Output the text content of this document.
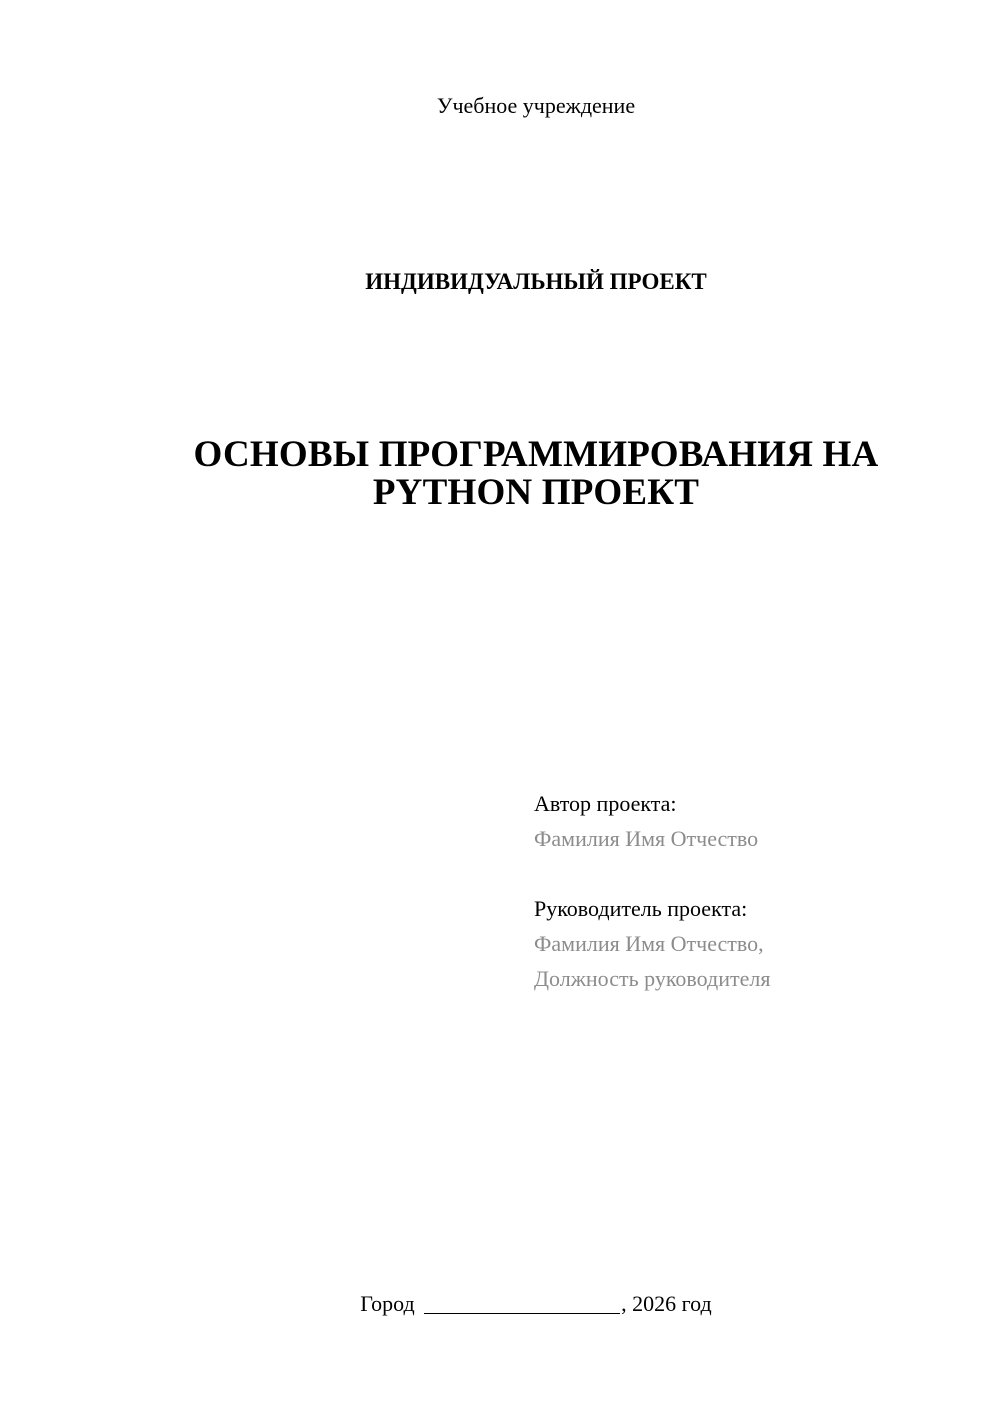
Учебное учреждение
ИНДИВИДУАЛЬНЫЙ ПРОЕКТ
ОСНОВЫ ПРОГРАММИРОВАНИЯ НА
PYTHON ПРОЕКТ
Автор проекта:
Фамилия Имя Отчество
Руководитель проекта:
Фамилия Имя Отчество,
Должность руководителя
Город	, 2026 год
